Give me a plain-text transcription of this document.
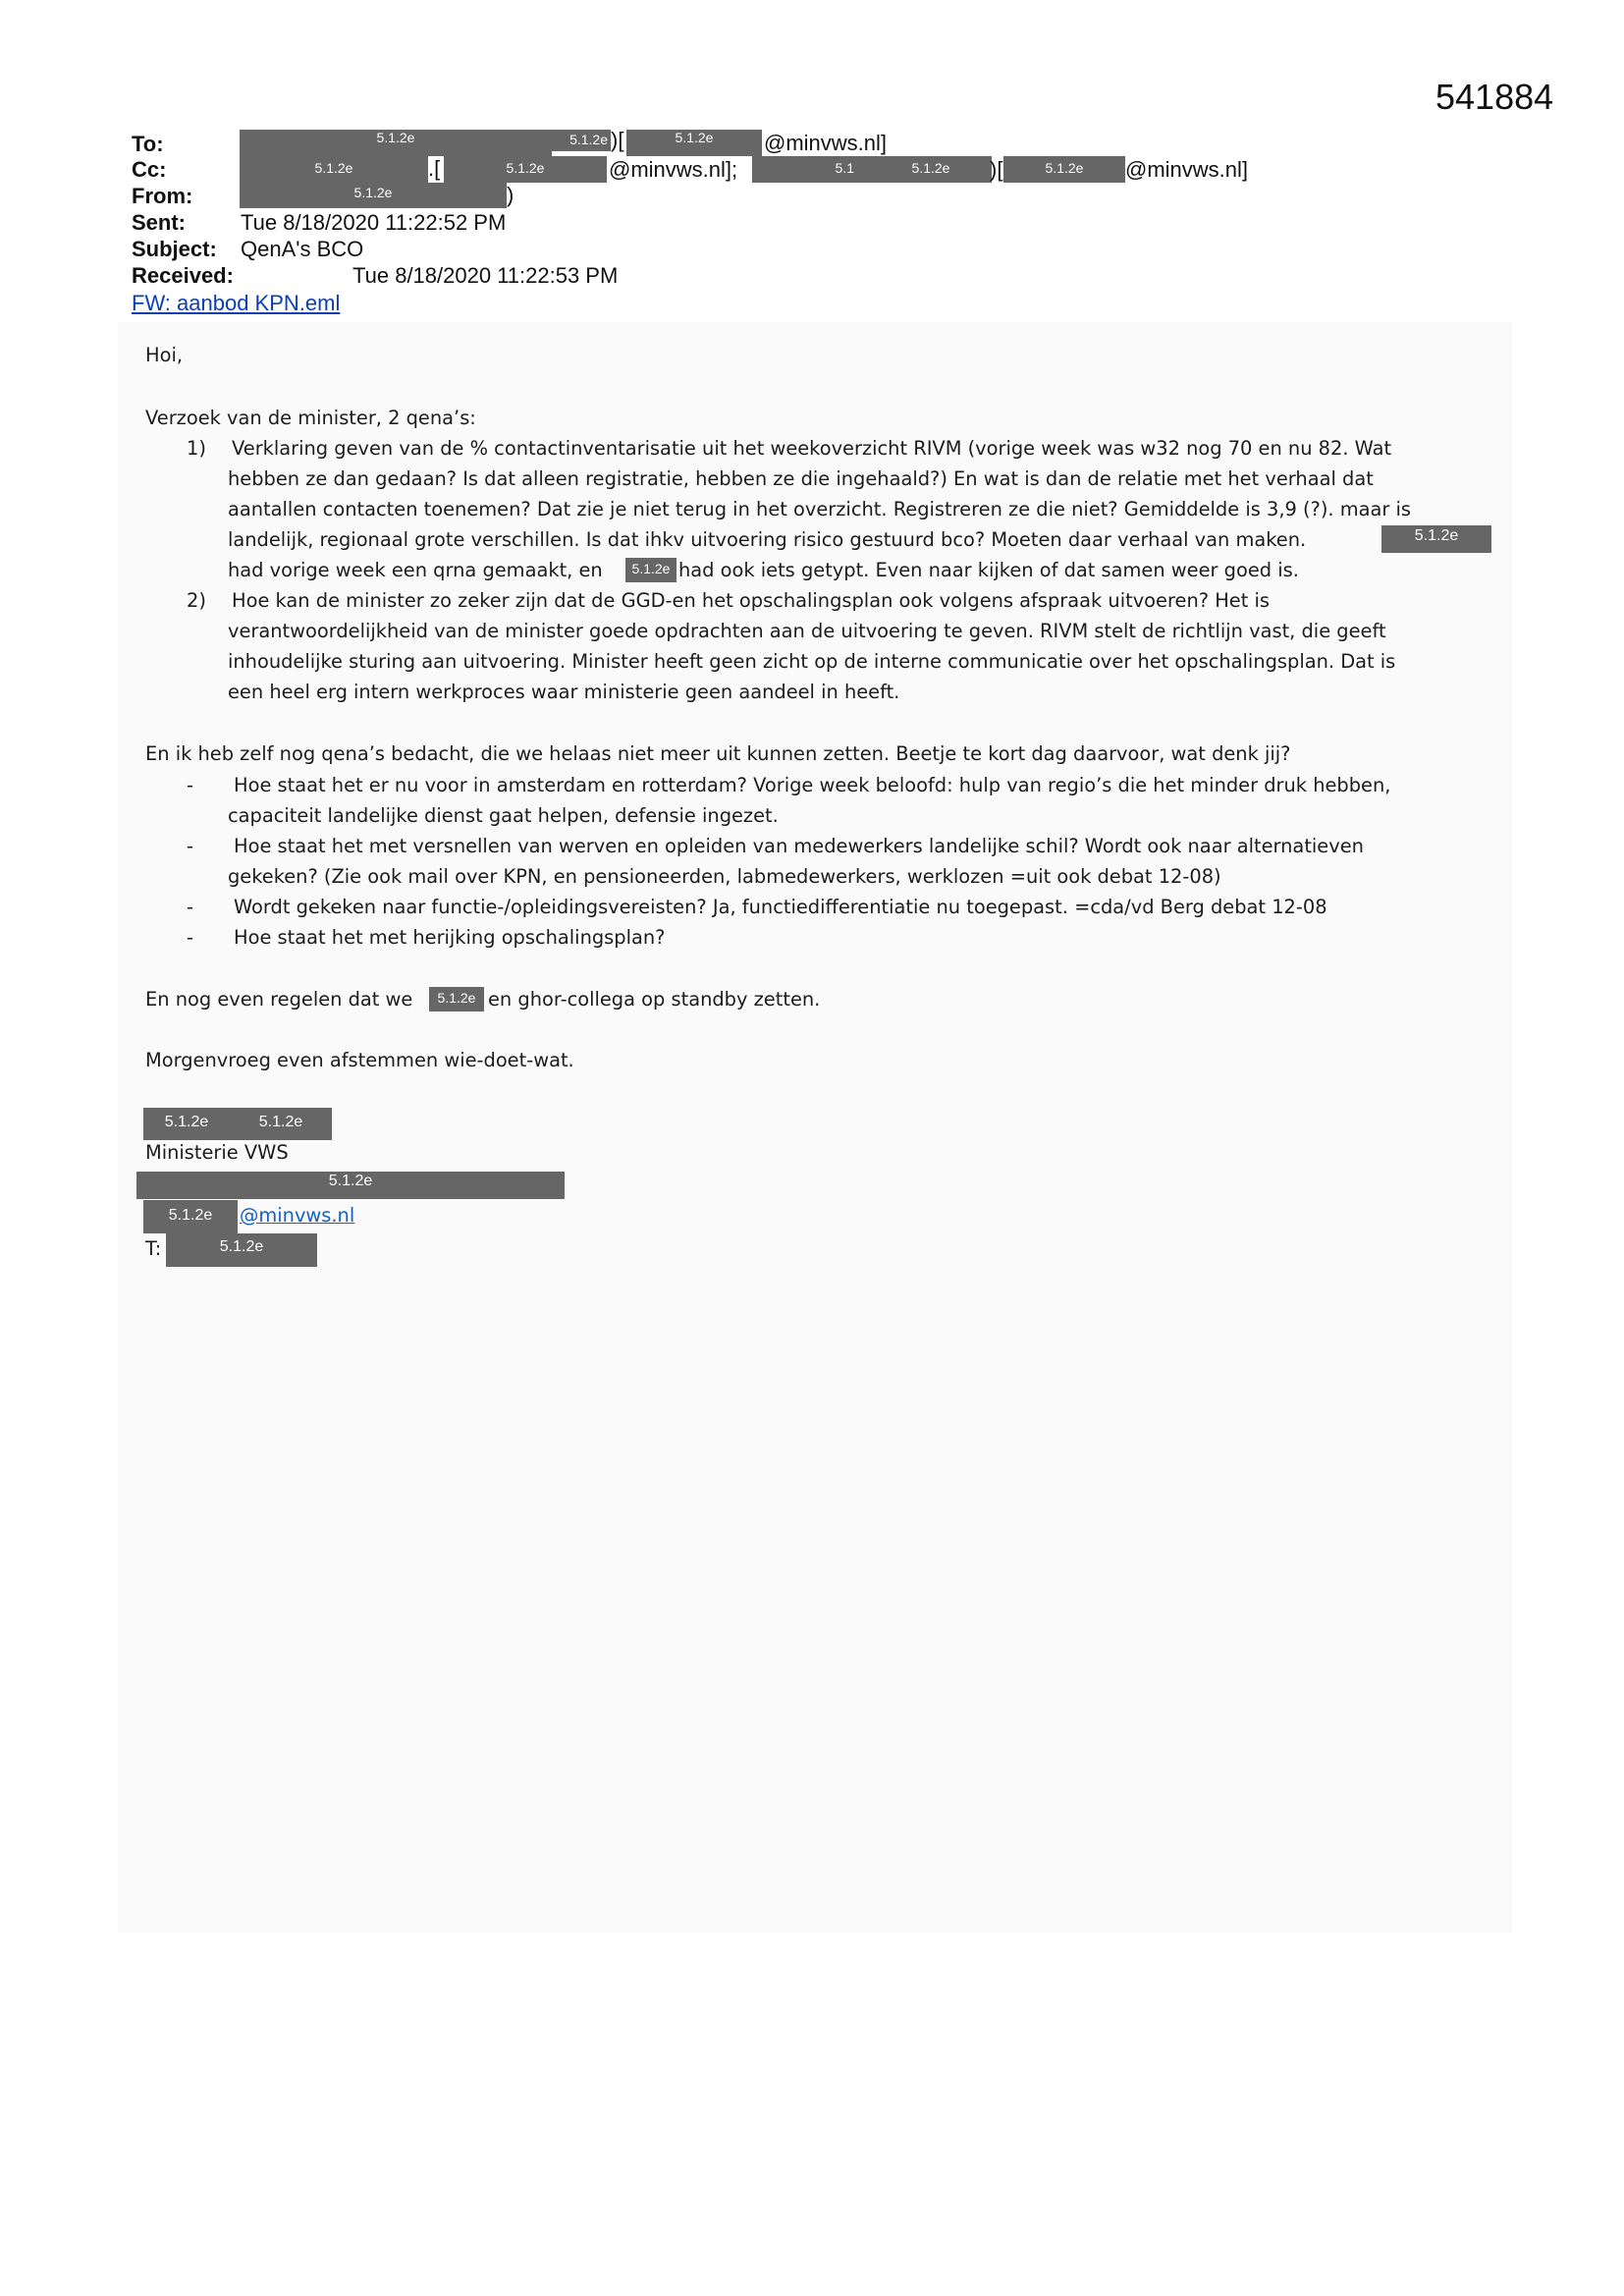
541884
To:	5.1.2e	5.1.2e )[	5.1.2e	@minvws.nl]
Cc:	5.1.2e	.[	5.1.2e	@minvws.nl];	5.1	5.1.2e	)[	5.1.2e	@minvws.nl]
From:	5.1.2e	)
Sent:	Tue 8/18/2020 11:22:52 PM
Subject: QenA's BCO
Received:	Tue 8/18/2020 11:22:53 PM
FW: aanbod KPN.eml
Hoi,
Verzoek van de minister, 2 qena’s:
1) Verklaring geven van de % contactinventarisatie uit het weekoverzicht RIVM (vorige week was w32 nog 70 en nu 82. Wat
hebben ze dan gedaan? Is dat alleen registratie, hebben ze die ingehaald?) En wat is dan de relatie met het verhaal dat
aantallen contacten toenemen? Dat zie je niet terug in het overzicht. Registreren ze die niet? Gemiddelde is 3,9 (?). maar is
landelijk, regionaal grote verschillen. Is dat ihkv uitvoering risico gestuurd bco? Moeten daar verhaal van maken.	5.1.2e
had vorige week een qrna gemaakt, en	5.1.2e had ook iets getypt. Even naar kijken of dat samen weer goed is.
2) Hoe kan de minister zo zeker zijn dat de GGD-en het opschalingsplan ook volgens afspraak uitvoeren? Het is
verantwoordelijkheid van de minister goede opdrachten aan de uitvoering te geven. RIVM stelt de richtlijn vast, die geeft
inhoudelijke sturing aan uitvoering. Minister heeft geen zicht op de interne communicatie over het opschalingsplan. Dat is
een heel erg intern werkproces waar ministerie geen aandeel in heeft.
En ik heb zelf nog qena’s bedacht, die we helaas niet meer uit kunnen zetten. Beetje te kort dag daarvoor, wat denk jij?
- Hoe staat het er nu voor in amsterdam en rotterdam? Vorige week beloofd: hulp van regio’s die het minder druk hebben,
capaciteit landelijke dienst gaat helpen, defensie ingezet.
- Hoe staat het met versnellen van werven en opleiden van medewerkers landelijke schil? Wordt ook naar alternatieven
gekeken? (Zie ook mail over KPN, en pensioneerden, labmedewerkers, werklozen =uit ook debat 12-08)
- Wordt gekeken naar functie-/opleidingsvereisten? Ja, functiedifferentiatie nu toegepast. =cda/vd Berg debat 12-08
- Hoe staat het met herijking opschalingsplan?
En nog even regelen dat we	5.1.2e en ghor-collega op standby zetten.
Morgenvroeg even afstemmen wie-doet-wat.
5.1.2e	5.1.2e
Ministerie VWS
5.1.2e
5.1.2e	@minvws.nl
T:	5.1.2e
